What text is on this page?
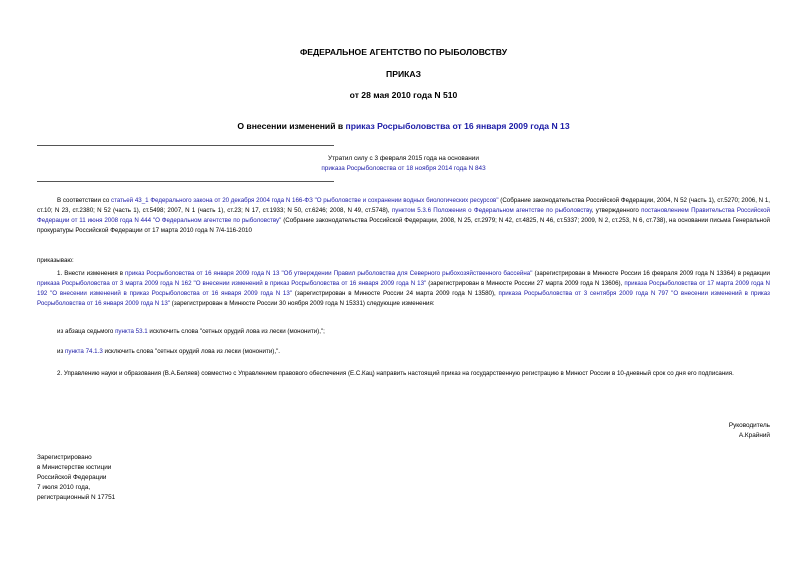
ФЕДЕРАЛЬНОЕ АГЕНТСТВО ПО РЫБОЛОВСТВУ
ПРИКАЗ
от 28 мая 2010 года N 510
О внесении изменений в приказ Росрыболовства от 16 января 2009 года N 13
Утратил силу с 3 февраля 2015 года на основании
приказа Росрыболовства от 18 ноября 2014 года N 843
В соответствии со статьей 43_1 Федерального закона от 20 декабря 2004 года N 166-ФЗ "О рыболовстве и сохранении водных биологических ресурсов" (Собрание законодательства Российской Федерации, 2004, N 52 (часть 1), ст.5270; 2006, N 1, ст.10; N 23, ст.2380; N 52 (часть 1), ст.5498; 2007, N 1 (часть 1), ст.23; N 17, ст.1933; N 50, ст.6246; 2008, N 49, ст.5748), пунктом 5.3.6 Положения о Федеральном агентстве по рыболовству, утвержденного постановлением Правительства Российской Федерации от 11 июня 2008 года N 444 "О Федеральном агентстве по рыболовству" (Собрание законодательства Российской Федерации, 2008, N 25, ст.2979; N 42, ст.4825, N 46, ст.5337; 2009, N 2, ст.253, N 6, ст.738), на основании письма Генеральной прокуратуры Российской Федерации от 17 марта 2010 года N 7/4-116-2010
приказываю:
1. Внести изменения в приказ Росрыболовства от 16 января 2009 года N 13 "Об утверждении Правил рыболовства для Северного рыбохозяйственного бассейна" (зарегистрирован в Минюсте России 16 февраля 2009 года N 13364) в редакции приказа Росрыболовства от 3 марта 2009 года N 162 "О внесении изменений в приказ Росрыболовства от 16 января 2009 года N 13" (зарегистрирован в Минюсте России 27 марта 2009 года N 13606), приказа Росрыболовства от 17 марта 2009 года N 192 "О внесении изменений в приказ Росрыболовства от 16 января 2009 года N 13" (зарегистрирован в Минюсте России 24 марта 2009 года N 13580), приказа Росрыболовства от 3 сентября 2009 года N 797 "О внесении изменений в приказ Росрыболовства от 16 января 2009 года N 13" (зарегистрирован в Минюсте России 30 ноября 2009 года N 15331) следующие изменения:
из абзаца седьмого пункта 53.1 исключить слова "сетных орудий лова из лески (мононити),";
из пункта 74.1.3 исключить слова "сетных орудий лова из лески (мононити),".
2. Управлению науки и образования (В.А.Беляев) совместно с Управлением правового обеспечения (Е.С.Кац) направить настоящий приказ на государственную регистрацию в Минюст России в 10-дневный срок со дня его подписания.
Руководитель
А.Крайний
Зарегистрировано
в Министерстве юстиции
Российской Федерации
7 июля 2010 года,
регистрационный N 17751
